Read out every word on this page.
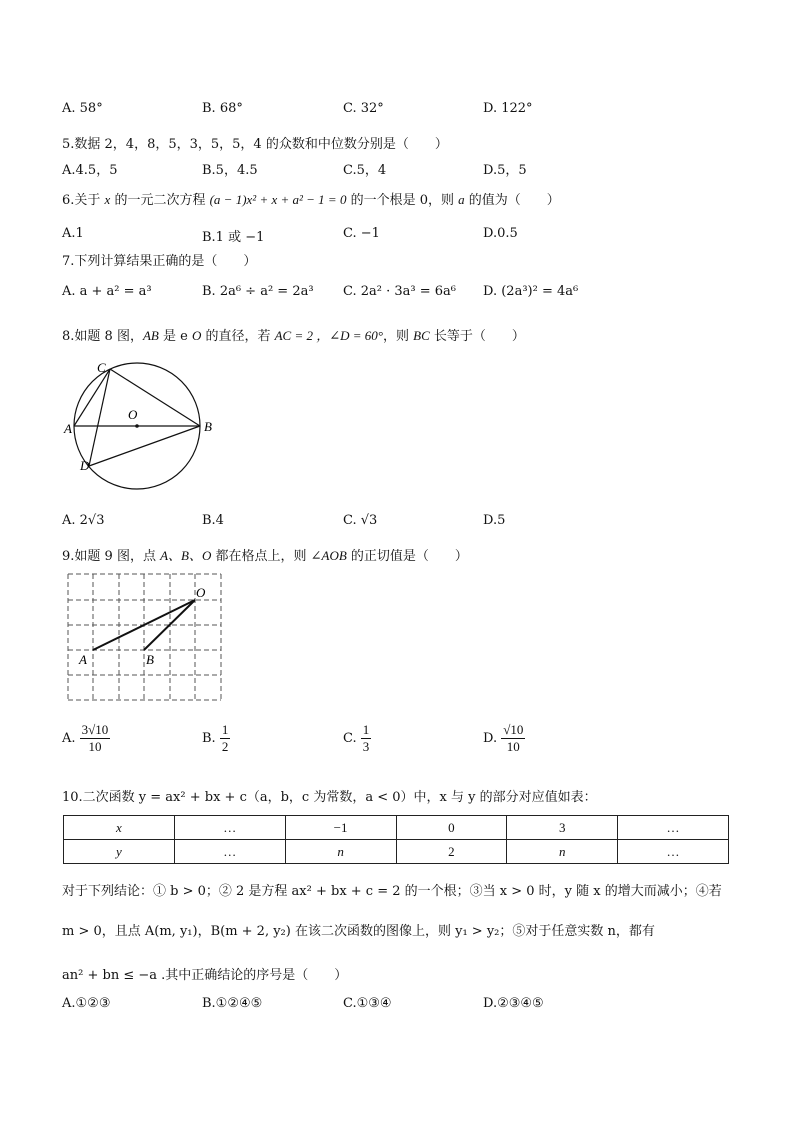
A. 58°	B. 68°	C. 32°	D. 122°
5.数据 2，4，8，5，3，5，5，4 的众数和中位数分别是（　　）
A.4.5，5	B.5，4.5	C.5，4	D.5，5
6.关于 x 的一元二次方程 (a − 1)x² + x + a² − 1 = 0 的一个根是 0，则 a 的值为（　　）
A.1	B.1 或 −1	C. −1	D.0.5
7.下列计算结果正确的是（　　）
A. a + a² = a³	B. 2a⁶ ÷ a² = 2a³ C. 2a² · 3a³ = 6a⁶ D. (2a³)² = 4a⁶
8.如题 8 图，AB 是 e O 的直径，若 AC = 2 ，∠D = 60°，则 BC 长等于（　　）
C
A
O
B
D
A. 2√3	B.4	C. √3	D.5
9.如题 9 图，点 A、B、O 都在格点上，则 ∠AOB 的正切值是（　　）
O
A	B
A. $\frac{3√10}{10}$	B. $\frac{1}{2}$	C. $\frac{1}{3}$	D. $\frac{√10}{10}$
10.二次函数 y = ax² + bx + c（a，b，c 为常数，a < 0）中，x 与 y 的部分对应值如表：
x	…	−1	0	3	…
y	…	n	2	n	…
对于下列结论：① b > 0；② 2 是方程 ax² + bx + c = 2 的一个根；③当 x > 0 时，y 随 x 的增大而减小；④若
m > 0，且点 A(m, y₁)，B(m + 2, y₂) 在该二次函数的图像上，则 y₁ > y₂；⑤对于任意实数 n，都有
an² + bn ≤ −a .其中正确结论的序号是（　　）
A.①②③	B.①②④⑤	C.①③④	D.②③④⑤
